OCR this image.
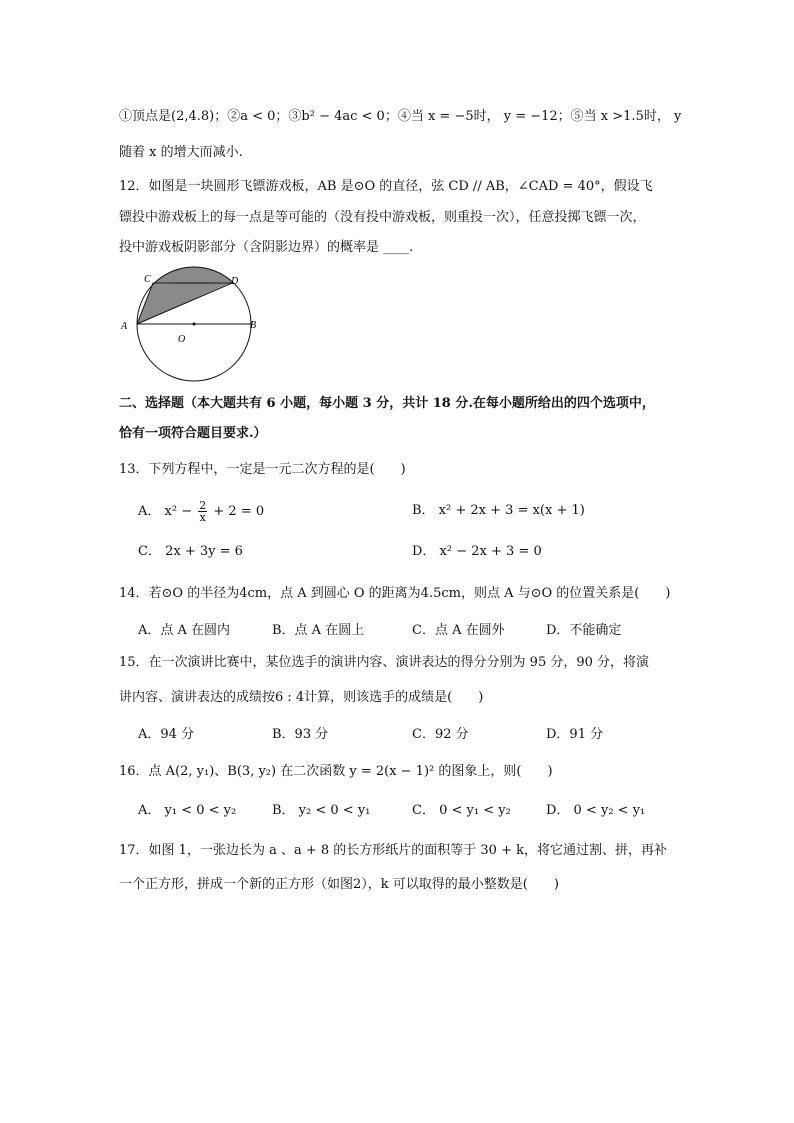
①顶点是(2,4.8)；②a < 0；③b² − 4ac < 0；④当 x = −5时， y = −12；⑤当 x >1.5时， y
随着 x 的增大而减小.
12．如图是一块圆形飞镖游戏板，AB 是⊙O 的直径，弦 CD // AB，∠CAD = 40°，假设飞
镖投中游戏板上的每一点是等可能的（没有投中游戏板，则重投一次），任意投掷飞镖一次，
投中游戏板阴影部分（含阴影边界）的概率是 ____.
C	D
A	B
O
二、选择题（本大题共有 6 小题，每小题 3 分，共计 18 分.在每小题所给出的四个选项中，
恰有一项符合题目要求.）
13．下列方程中，一定是一元二次方程的是(　　)
A． $x^2 - \frac{2}{x} + 2 = 0$	B． x² + 2x + 3 = x(x + 1)
C． 2x + 3y = 6	D． x² − 2x + 3 = 0
14．若⊙O 的半径为4cm，点 A 到圆心 O 的距离为4.5cm，则点 A 与⊙O 的位置关系是(　　)
A．点 A 在圆内	B．点 A 在圆上	C．点 A 在圆外	D．不能确定
15．在一次演讲比赛中，某位选手的演讲内容、演讲表达的得分分别为 95 分，90 分，将演
讲内容、演讲表达的成绩按6 : 4计算，则该选手的成绩是(　　)
A．94 分	B．93 分	C．92 分	D．91 分
16．点 A(2, y₁)、B(3, y₂) 在二次函数 y = 2(x − 1)² 的图象上，则(　　)
A． y₁ < 0 < y₂	B． y₂ < 0 < y₁	C． 0 < y₁ < y₂	D． 0 < y₂ < y₁
17．如图 1，一张边长为 a 、a + 8 的长方形纸片的面积等于 30 + k，将它通过割、拼，再补
一个正方形，拼成一个新的正方形（如图2），k 可以取得的最小整数是(　　)
